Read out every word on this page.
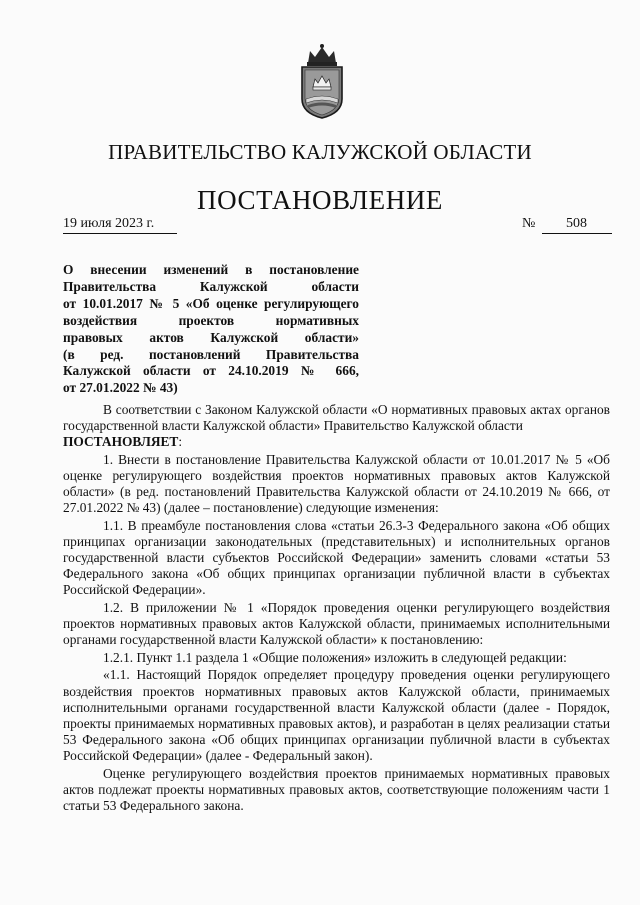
ПРАВИТЕЛЬСТВО КАЛУЖСКОЙ ОБЛАСТИ
ПОСТАНОВЛЕНИЕ
19 июля 2023 г.	№ 508
О внесении изменений в постановление
Правительства Калужской области
от 10.01.2017 № 5 «Об оценке регулирующего
воздействия проектов нормативных
правовых актов Калужской области»
(в ред. постановлений Правительства
Калужской области от 24.10.2019 № 666,
от 27.01.2022 № 43)

В соответствии с Законом Калужской области «О нормативных правовых актах органов государственной власти Калужской области» Правительство Калужской области
ПОСТАНОВЛЯЕТ:

1. Внести в постановление Правительства Калужской области от 10.01.2017 № 5 «Об оценке регулирующего воздействия проектов нормативных правовых актов Калужской области» (в ред. постановлений Правительства Калужской области от 24.10.2019 № 666, от 27.01.2022 № 43) (далее – постановление) следующие изменения:

1.1. В преамбуле постановления слова «статьи 26.3-3 Федерального закона «Об общих принципах организации законодательных (представительных) и исполнительных органов государственной власти субъектов Российской Федерации» заменить словами «статьи 53 Федерального закона «Об общих принципах организации публичной власти в субъектах Российской Федерации».

1.2. В приложении № 1 «Порядок проведения оценки регулирующего воздействия проектов нормативных правовых актов Калужской области, принимаемых исполнительными органами государственной власти Калужской области» к постановлению:

1.2.1. Пункт 1.1 раздела 1 «Общие положения» изложить в следующей редакции:

«1.1. Настоящий Порядок определяет процедуру проведения оценки регулирующего воздействия проектов нормативных правовых актов Калужской области, принимаемых исполнительными органами государственной власти Калужской области (далее - Порядок, проекты принимаемых нормативных правовых актов), и разработан в целях реализации статьи 53 Федерального закона «Об общих принципах организации публичной власти в субъектах Российской Федерации» (далее - Федеральный закон).

Оценке регулирующего воздействия проектов принимаемых нормативных правовых актов подлежат проекты нормативных правовых актов, соответствующие положениям части 1 статьи 53 Федерального закона.
